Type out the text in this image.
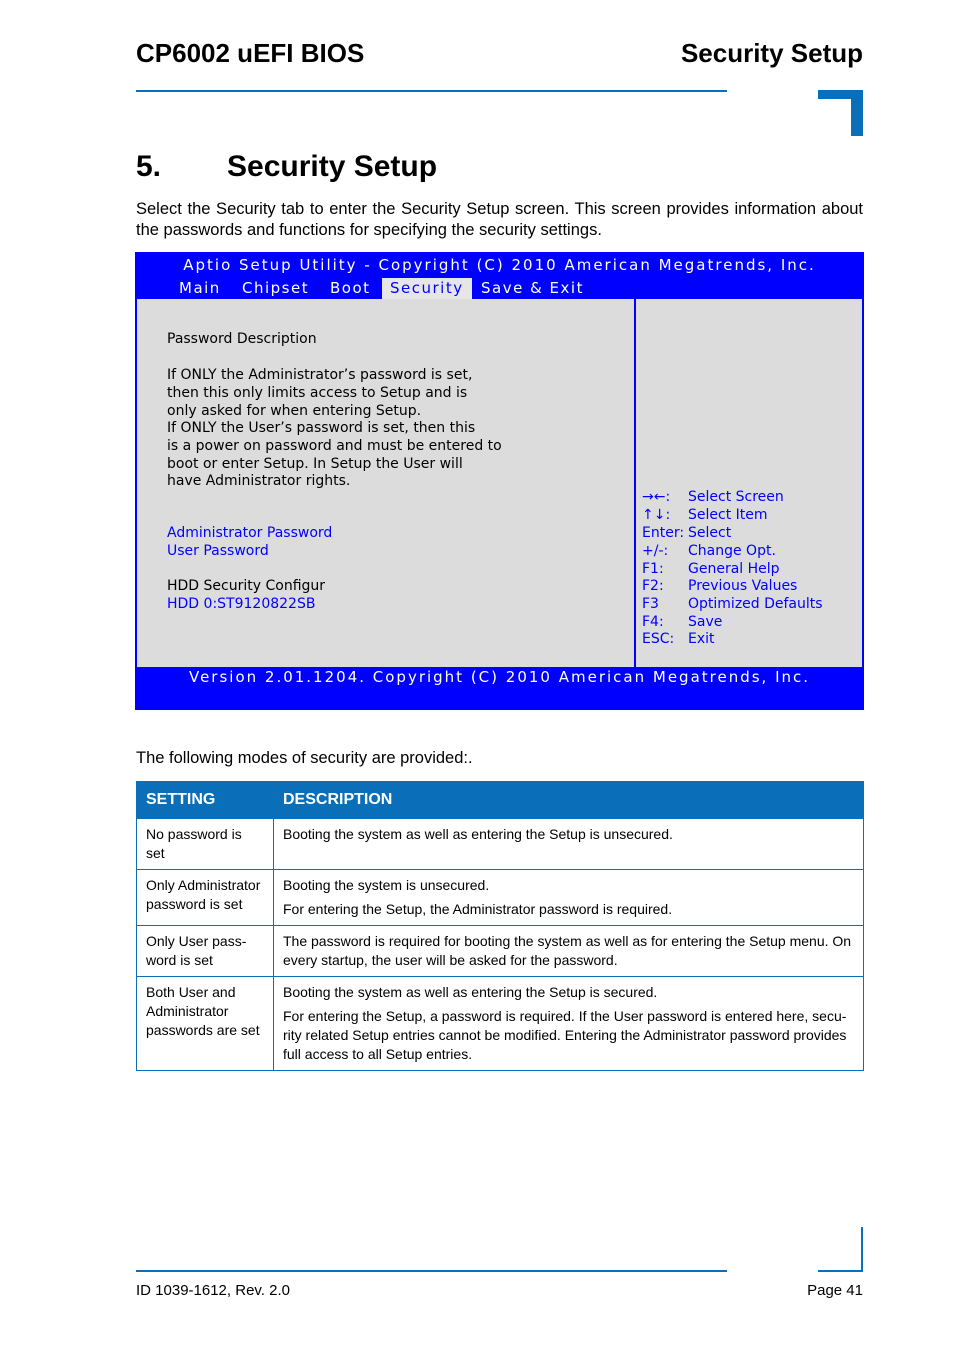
CP6002 uEFI BIOS	Security Setup
5. Security Setup
Select the Security tab to enter the Security Setup screen. This screen provides information about the passwords and functions for specifying the security settings.
Aptio Setup Utility - Copyright (C) 2010 American Megatrends, Inc.
Main Chipset Boot	Security	Save & Exit
Password Description
If ONLY the Administrator’s password is set,
then this only limits access to Setup and is
only asked for when entering Setup.
If ONLY the User’s password is set, then this
is a power on password and must be entered to
boot or enter Setup. In Setup the User will
have Administrator rights.
Administrator Password
User Password
HDD Security Configur
HDD 0:ST9120822SB
→←: Select Screen
↑↓: Select Item
Enter: Select
+/-: Change Opt.
F1: General Help
F2: Previous Values
F3 Optimized Defaults
F4: Save
ESC: Exit
Version 2.01.1204. Copyright (C) 2010 American Megatrends, Inc.
The following modes of security are provided:.
SETTING	DESCRIPTION
No password is set	Booting the system as well as entering the Setup is unsecured.

Only Administrator password is set	Booting the system is unsecured.

For entering the Setup, the Administrator password is required.

Only User pass-word is set	The password is required for booting the system as well as for entering the Setup menu. On every startup, the user will be asked for the password.

Both User and Administrator passwords are set	Booting the system as well as entering the Setup is secured.

For entering the Setup, a password is required. If the User password is entered here, secu-rity related Setup entries cannot be modified. Entering the Administrator password provides full access to all Setup entries.

ID 1039-1612, Rev. 2.0	Page 41
